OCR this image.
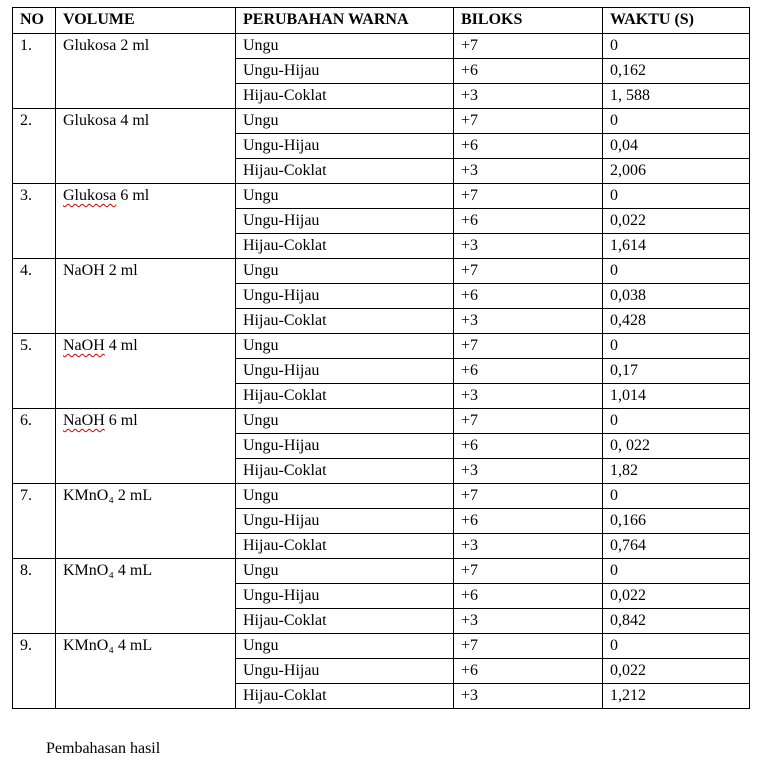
NO	VOLUME	PERUBAHAN WARNA	BILOKS	WAKTU (S)
1.	Glukosa 2 ml	Ungu	+7	0
		Ungu-Hijau	+6	0,162
		Hijau-Coklat	+3	1, 588
2.	Glukosa 4 ml	Ungu	+7	0
		Ungu-Hijau	+6	0,04
		Hijau-Coklat	+3	2,006
3.	Glukosa 6 ml	Ungu	+7	0
		Ungu-Hijau	+6	0,022
		Hijau-Coklat	+3	1,614
4.	NaOH 2 ml	Ungu	+7	0
		Ungu-Hijau	+6	0,038
		Hijau-Coklat	+3	0,428
5.	NaOH 4 ml	Ungu	+7	0
		Ungu-Hijau	+6	0,17
		Hijau-Coklat	+3	1,014
6.	NaOH 6 ml	Ungu	+7	0
		Ungu-Hijau	+6	0, 022
		Hijau-Coklat	+3	1,82
7.	KMnO₄ 2 mL	Ungu	+7	0
		Ungu-Hijau	+6	0,166
		Hijau-Coklat	+3	0,764
8.	KMnO₄ 4 mL	Ungu	+7	0
		Ungu-Hijau	+6	0,022
		Hijau-Coklat	+3	0,842
9.	KMnO₄ 4 mL	Ungu	+7	0
		Ungu-Hijau	+6	0,022
		Hijau-Coklat	+3	1,212
Pembahasan hasil
